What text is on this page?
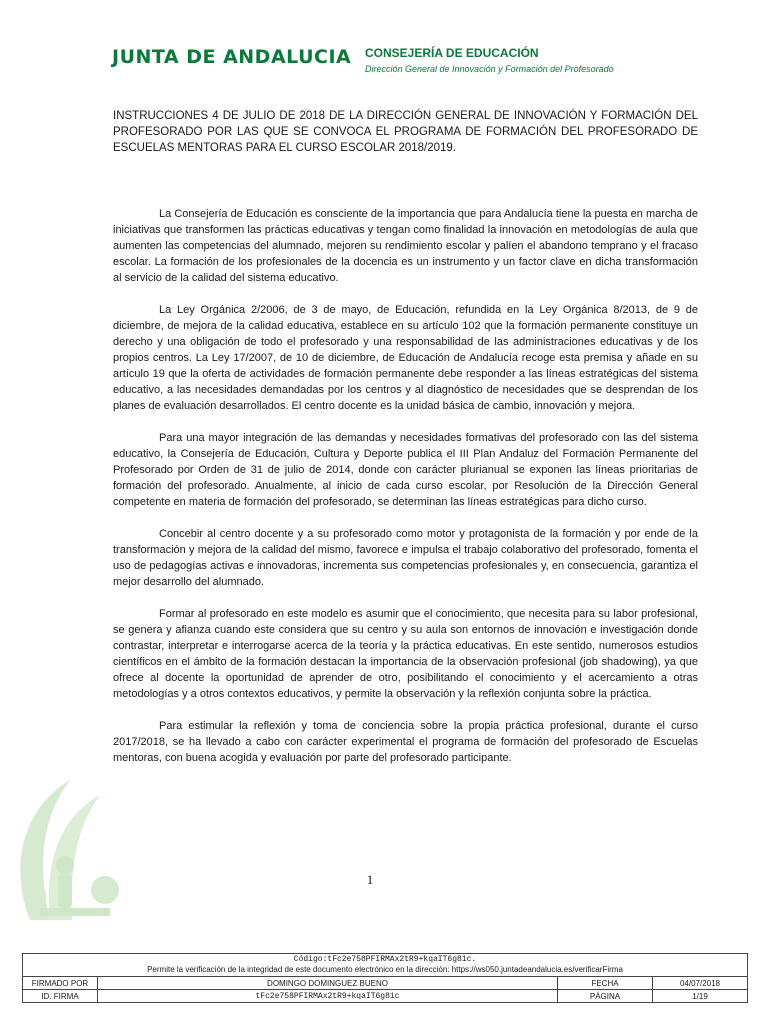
JUNTA DE ANDALUCIA CONSEJERÍA DE EDUCACIÓN
Dirección General de Innovación y Formación del Profesorado
INSTRUCCIONES 4 DE JULIO DE 2018 DE LA DIRECCIÓN GENERAL DE INNOVACIÓN Y FORMACIÓN DEL PROFESORADO POR LAS QUE SE CONVOCA EL PROGRAMA DE FORMACIÓN DEL PROFESORADO DE ESCUELAS MENTORAS PARA EL CURSO ESCOLAR 2018/2019.

La Consejería de Educación es consciente de la importancia que para Andalucía tiene la puesta en marcha de iniciativas que transformen las prácticas educativas y tengan como finalidad la innovación en metodologías de aula que aumenten las competencias del alumnado, mejoren su rendimiento escolar y palíen el abandono temprano y el fracaso escolar. La formación de los profesionales de la docencia es un instrumento y un factor clave en dicha transformación al servicio de la calidad del sistema educativo.

La Ley Orgánica 2/2006, de 3 de mayo, de Educación, refundida en la Ley Orgánica 8/2013, de 9 de diciembre, de mejora de la calidad educativa, establece en su artículo 102 que la formación permanente constituye un derecho y una obligación de todo el profesorado y una responsabilidad de las administraciones educativas y de los propios centros. La Ley 17/2007, de 10 de diciembre, de Educación de Andalucía recoge esta premisa y añade en su artículo 19 que la oferta de actividades de formación permanente debe responder a las líneas estratégicas del sistema educativo, a las necesidades demandadas por los centros y al diagnóstico de necesidades que se desprendan de los planes de evaluación desarrollados. El centro docente es la unidad básica de cambio, innovación y mejora.

Para una mayor integración de las demandas y necesidades formativas del profesorado con las del sistema educativo, la Consejería de Educación, Cultura y Deporte publica el III Plan Andaluz del Formación Permanente del Profesorado por Orden de 31 de julio de 2014, donde con carácter plurianual se exponen las líneas prioritarias de formación del profesorado. Anualmente, al inicio de cada curso escolar, por Resolución de la Dirección General competente en materia de formación del profesorado, se determinan las líneas estratégicas para dicho curso.

Concebir al centro docente y a su profesorado como motor y protagonista de la formación y por ende de la transformación y mejora de la calidad del mismo, favorece e impulsa el trabajo colaborativo del profesorado, fomenta el uso de pedagogías activas e innovadoras, incrementa sus competencias profesionales y, en consecuencia, garantiza el mejor desarrollo del alumnado.

Formar al profesorado en este modelo es asumir que el conocimiento, que necesita para su labor profesional, se genera y afianza cuando este considera que su centro y su aula son entornos de innovación e investigación donde contrastar, interpretar e interrogarse acerca de la teoría y la práctica educativas. En este sentido, numerosos estudios científicos en el ámbito de la formación destacan la importancia de la observación profesional (job shadowing), ya que ofrece al docente la oportunidad de aprender de otro, posibilitando el conocimiento y el acercamiento a otras metodologías y a otros contextos educativos, y permite la observación y la reflexión conjunta sobre la práctica.

Para estimular la reflexión y toma de conciencia sobre la propia práctica profesional, durante el curso 2017/2018, se ha llevado a cabo con carácter experimental el programa de formación del profesorado de Escuelas mentoras, con buena acogida y evaluación por parte del profesorado participante.

1
Código:tFc2e758PFIRMAx2tR9+kqaIT6g81c.
Permite la verificación de la integridad de este documento electrónico en la dirección: https://ws050.juntadeandalucia.es/verificarFirma
FIRMADO POR	DOMINGO DOMINGUEZ BUENO	FECHA	04/07/2018
ID. FIRMA	tFc2e758PFIRMAx2tR9+kqaIT6g81c	PÁGINA	1/19
